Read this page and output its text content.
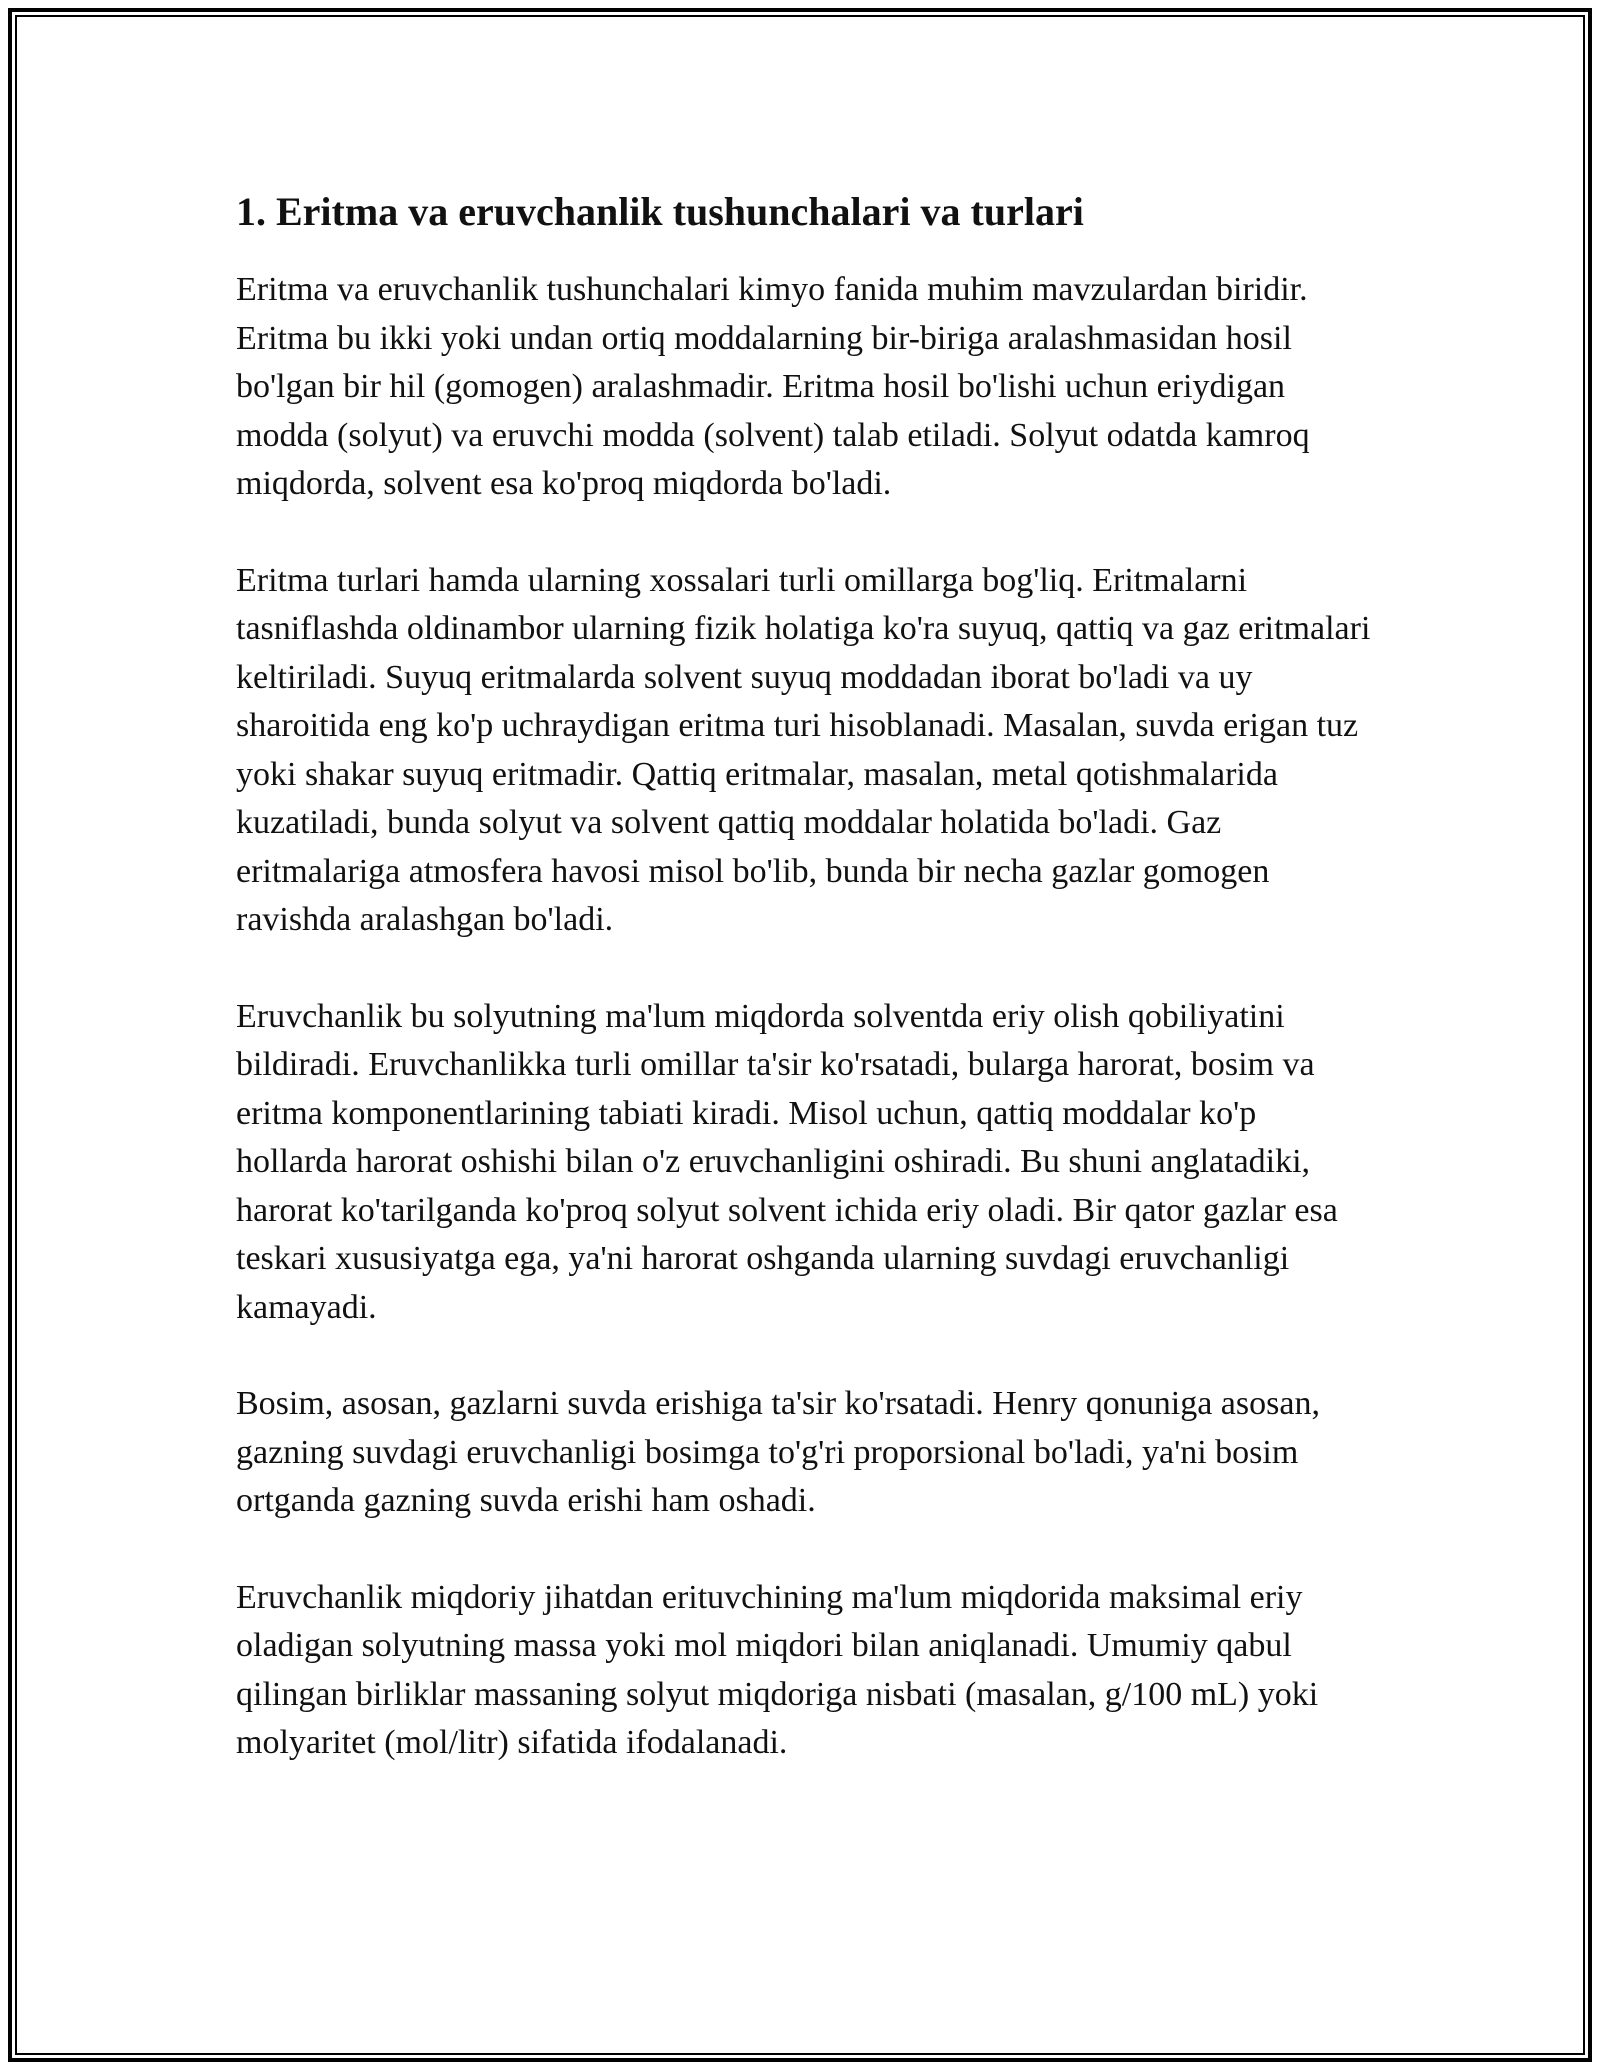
1. Eritma va eruvchanlik tushunchalari va turlari

Eritma va eruvchanlik tushunchalari kimyo fanida muhim mavzulardan biridir. Eritma bu ikki yoki undan ortiq moddalarning bir-biriga aralashmasidan hosil bo'lgan bir hil (gomogen) aralashmadir. Eritma hosil bo'lishi uchun eriydigan modda (solyut) va eruvchi modda (solvent) talab etiladi. Solyut odatda kamroq miqdorda, solvent esa ko'proq miqdorda bo'ladi.

Eritma turlari hamda ularning xossalari turli omillarga bog'liq. Eritmalarni tasniflashda oldinambor ularning fizik holatiga ko'ra suyuq, qattiq va gaz eritmalari keltiriladi. Suyuq eritmalarda solvent suyuq moddadan iborat bo'ladi va uy sharoitida eng ko'p uchraydigan eritma turi hisoblanadi. Masalan, suvda erigan tuz yoki shakar suyuq eritmadir. Qattiq eritmalar, masalan, metal qotishmalarida kuzatiladi, bunda solyut va solvent qattiq moddalar holatida bo'ladi. Gaz eritmalariga atmosfera havosi misol bo'lib, bunda bir necha gazlar gomogen ravishda aralashgan bo'ladi.

Eruvchanlik bu solyutning ma'lum miqdorda solventda eriy olish qobiliyatini bildiradi. Eruvchanlikka turli omillar ta'sir ko'rsatadi, bularga harorat, bosim va eritma komponentlarining tabiati kiradi. Misol uchun, qattiq moddalar ko'p hollarda harorat oshishi bilan o'z eruvchanligini oshiradi. Bu shuni anglatadiki, harorat ko'tarilganda ko'proq solyut solvent ichida eriy oladi. Bir qator gazlar esa teskari xususiyatga ega, ya'ni harorat oshganda ularning suvdagi eruvchanligi kamayadi.

Bosim, asosan, gazlarni suvda erishiga ta'sir ko'rsatadi. Henry qonuniga asosan, gazning suvdagi eruvchanligi bosimga to'g'ri proporsional bo'ladi, ya'ni bosim ortganda gazning suvda erishi ham oshadi.

Eruvchanlik miqdoriy jihatdan erituvchining ma'lum miqdorida maksimal eriy oladigan solyutning massa yoki mol miqdori bilan aniqlanadi. Umumiy qabul qilingan birliklar massaning solyut miqdoriga nisbati (masalan, g/100 mL) yoki molyaritet (mol/litr) sifatida ifodalanadi.
